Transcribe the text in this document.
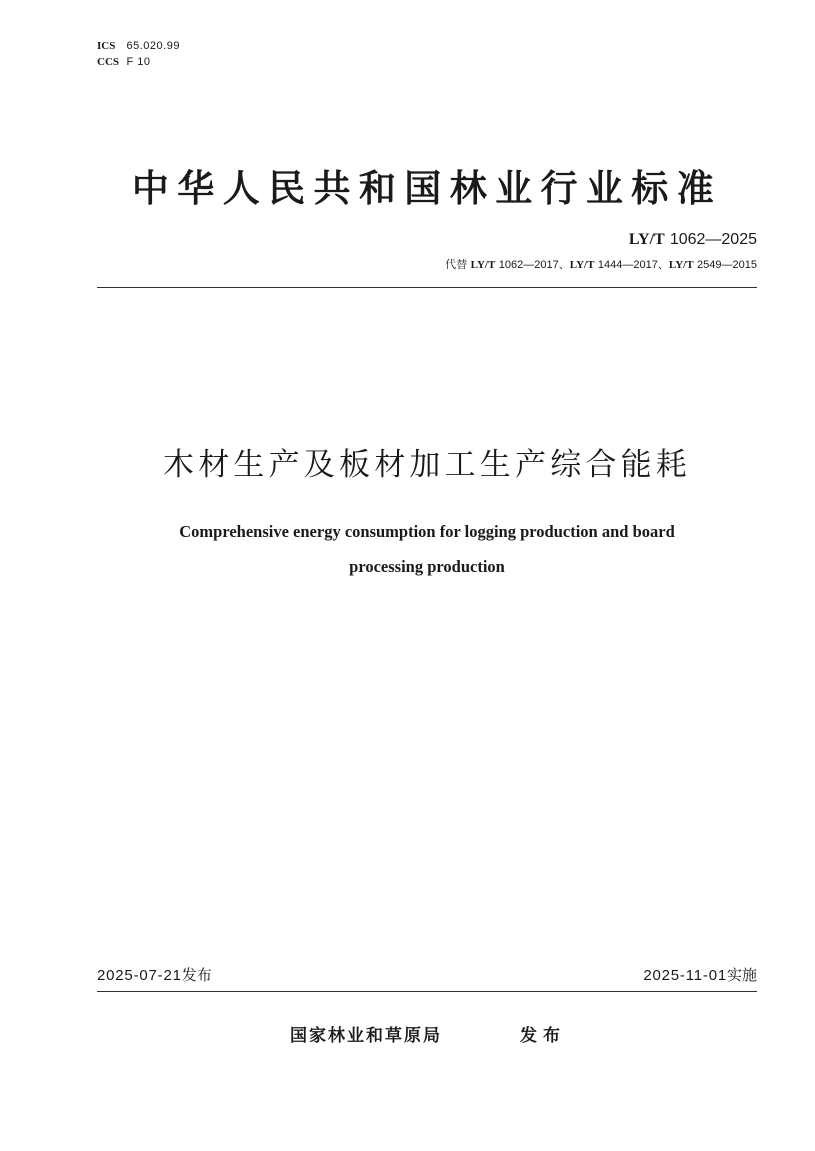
ICS 65.020.99
CCS F 10
中华人民共和国林业行业标准
LY/T 1062—2025
代替 LY/T 1062—2017、LY/T 1444—2017、LY/T 2549—2015
木材生产及板材加工生产综合能耗
Comprehensive energy consumption for logging production and board
processing production
2025-07-21发布	2025-11-01实施
国家林业和草原局	发布
